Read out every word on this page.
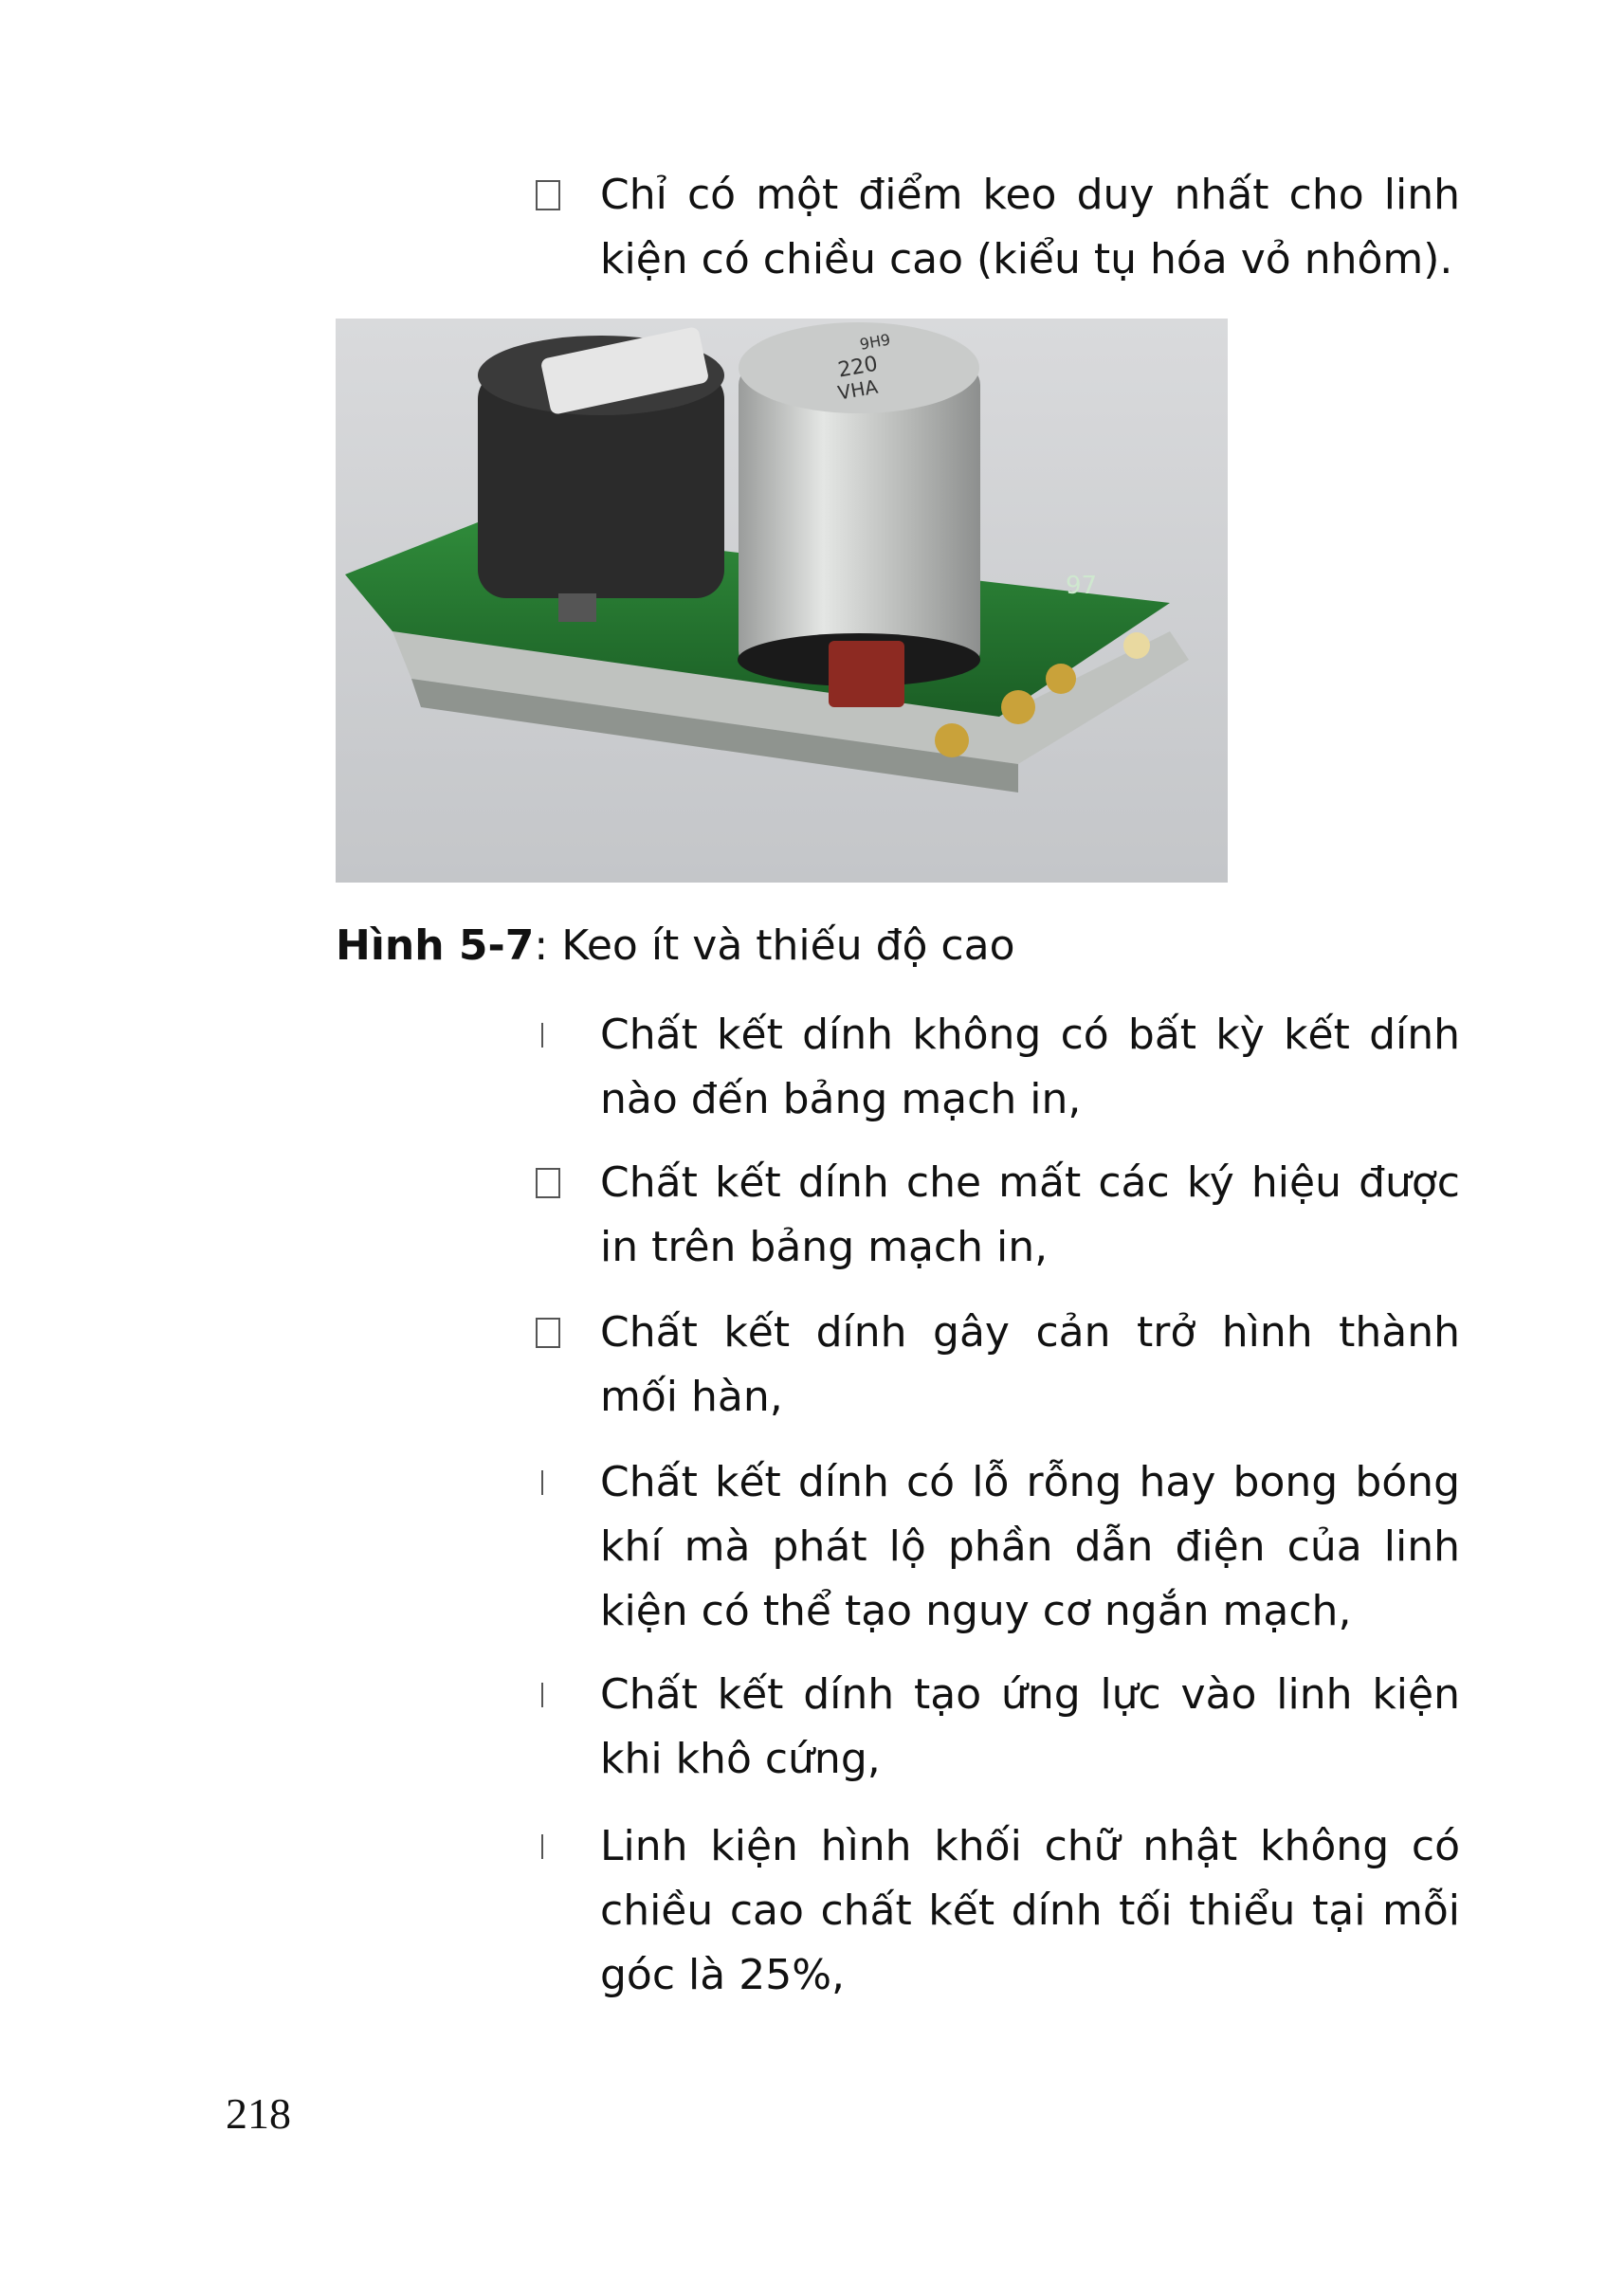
Chỉ có một điểm keo duy nhất cho linh kiện có chiều cao (kiểu tụ hóa vỏ nhôm).
220
VHA
9H9
97
Hình 5-7: Keo ít và thiếu độ cao
Chất kết dính không có bất kỳ kết dính nào đến bảng mạch in,
Chất kết dính che mất các ký hiệu được in trên bảng mạch in,
Chất kết dính gây cản trở hình thành mối hàn,
Chất kết dính có lỗ rỗng hay bong bóng khí mà phát lộ phần dẫn điện của linh kiện có thể tạo nguy cơ ngắn mạch,
Chất kết dính tạo ứng lực vào linh kiện khi khô cứng,
Linh kiện hình khối chữ nhật không có chiều cao chất kết dính tối thiểu tại mỗi góc là 25%,
218
